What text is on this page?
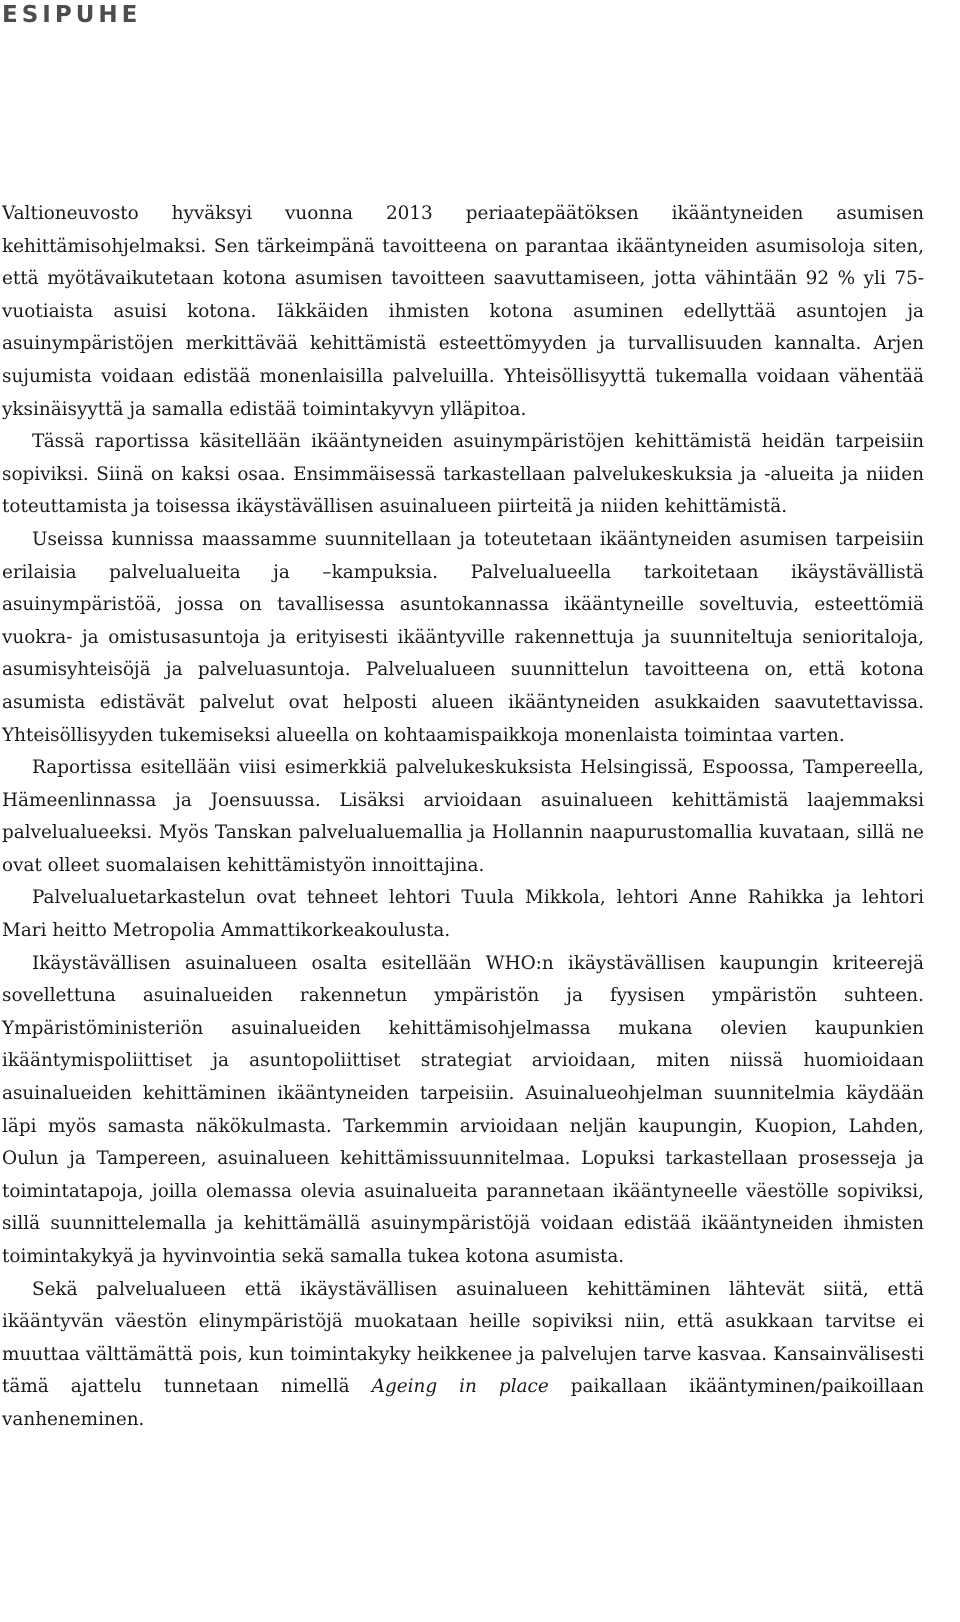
ESIPUHE

Valtioneuvosto hyväksyi vuonna 2013 periaatepäätöksen ikääntyneiden asumisen kehittämisohjelmaksi. Sen tärkeimpänä tavoitteena on parantaa ikääntyneiden asumisoloja siten, että myötävaikutetaan kotona asumisen tavoitteen saavuttamiseen, jotta vähintään 92 % yli 75-vuotiaista asuisi kotona. Iäkkäiden ihmisten kotona asuminen edellyttää asuntojen ja asuinympäristöjen merkittävää kehittämistä esteettömyyden ja turvallisuuden kannalta. Arjen sujumista voidaan edistää monenlaisilla palveluilla. Yhteisöllisyyttä tukemalla voidaan vähentää yksinäisyyttä ja samalla edistää toimintakyvyn ylläpitoa.

Tässä raportissa käsitellään ikääntyneiden asuinympäristöjen kehittämistä heidän tarpeisiin sopiviksi. Siinä on kaksi osaa. Ensimmäisessä tarkastellaan palvelukeskuksia ja -alueita ja niiden toteuttamista ja toisessa ikäystävällisen asuinalueen piirteitä ja niiden kehittämistä.

Useissa kunnissa maassamme suunnitellaan ja toteutetaan ikääntyneiden asumisen tarpeisiin erilaisia palvelualueita ja –kampuksia. Palvelualueella tarkoitetaan ikäystävällistä asuinympäristöä, jossa on tavallisessa asuntokannassa ikääntyneille soveltuvia, esteettömiä vuokra- ja omistusasuntoja ja erityisesti ikääntyville rakennettuja ja suunniteltuja senioritaloja, asumisyhteisöjä ja palveluasuntoja. Palvelualueen suunnittelun tavoitteena on, että kotona asumista edistävät palvelut ovat helposti alueen ikääntyneiden asukkaiden saavutettavissa. Yhteisöllisyyden tukemiseksi alueella on kohtaamispaikkoja monenlaista toimintaa varten.

Raportissa esitellään viisi esimerkkiä palvelukeskuksista Helsingissä, Espoossa, Tampereella, Hämeenlinnassa ja Joensuussa. Lisäksi arvioidaan asuinalueen kehittämistä laajemmaksi palvelualueeksi. Myös Tanskan palvelualuemallia ja Hollannin naapurustomallia kuvataan, sillä ne ovat olleet suomalaisen kehittämistyön innoittajina.

Palvelualuetarkastelun ovat tehneet lehtori Tuula Mikkola, lehtori Anne Rahikka ja lehtori Mari heitto Metropolia Ammattikorkeakoulusta.

Ikäystävällisen asuinalueen osalta esitellään WHO:n ikäystävällisen kaupungin kriteerejä sovellettuna asuinalueiden rakennetun ympäristön ja fyysisen ympäristön suhteen. Ympäristöministeriön asuinalueiden kehittämisohjelmassa mukana olevien kaupunkien ikääntymispoliittiset ja asuntopoliittiset strategiat arvioidaan, miten niissä huomioidaan asuinalueiden kehittäminen ikääntyneiden tarpeisiin. Asuinalueohjelman suunnitelmia käydään läpi myös samasta näkökulmasta. Tarkemmin arvioidaan neljän kaupungin, Kuopion, Lahden, Oulun ja Tampereen, asuinalueen kehittämissuunnitelmaa. Lopuksi tarkastellaan prosesseja ja toimintatapoja, joilla olemassa olevia asuinalueita parannetaan ikääntyneelle väestölle sopiviksi, sillä suunnittelemalla ja kehittämällä asuinympäristöjä voidaan edistää ikääntyneiden ihmisten toimintakykyä ja hyvinvointia sekä samalla tukea kotona asumista.

Sekä palvelualueen että ikäystävällisen asuinalueen kehittäminen lähtevät siitä, että ikääntyvän väestön elinympäristöjä muokataan heille sopiviksi niin, että asukkaan tarvitse ei muuttaa välttämättä pois, kun toimintakyky heikkenee ja palvelujen tarve kasvaa. Kansainvälisesti tämä ajattelu tunnetaan nimellä Ageing in place paikallaan ikääntyminen/paikoillaan vanheneminen.
